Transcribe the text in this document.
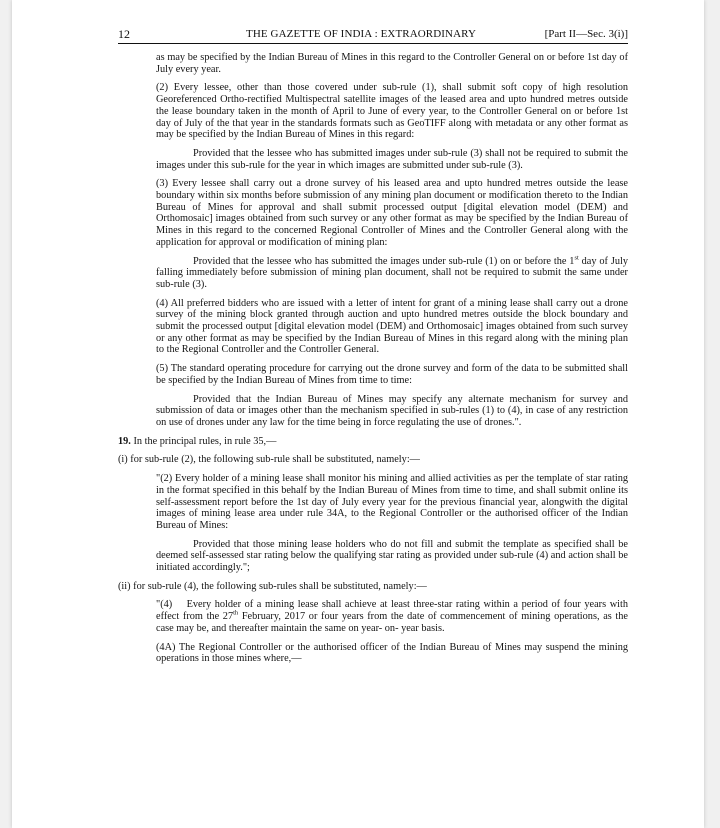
12	THE GAZETTE OF INDIA : EXTRAORDINARY	[Part II—Sec. 3(i)]

as may be specified by the Indian Bureau of Mines in this regard to the Controller General on or before 1st day of July every year.

(2) Every lessee, other than those covered under sub-rule (1), shall submit soft copy of high resolution Georeferenced Ortho-rectified Multispectral satellite images of the leased area and upto hundred metres outside the lease boundary taken in the month of April to June of every year, to the Controller General on or before 1st day of July of the that year in the standards formats such as GeoTIFF along with metadata or any other format as may be specified by the Indian Bureau of Mines in this regard:

Provided that the lessee who has submitted images under sub-rule (3) shall not be required to submit the images under this sub-rule for the year in which images are submitted under sub-rule (3).

(3) Every lessee shall carry out a drone survey of his leased area and upto hundred metres outside the lease boundary within six months before submission of any mining plan document or modification thereto to the Indian Bureau of Mines for approval and shall submit processed output [digital elevation model (DEM) and Orthomosaic] images obtained from such survey or any other format as may be specified by the Indian Bureau of Mines in this regard to the concerned Regional Controller of Mines and the Controller General along with the application for approval or modification of mining plan:

Provided that the lessee who has submitted the images under sub-rule (1) on or before the 1st day of July falling immediately before submission of mining plan document, shall not be required to submit the same under sub-rule (3).

(4) All preferred bidders who are issued with a letter of intent for grant of a mining lease shall carry out a drone survey of the mining block granted through auction and upto hundred metres outside the block boundary and submit the processed output [digital elevation model (DEM) and Orthomosaic] images obtained from such survey or any other format as may be specified by the Indian Bureau of Mines in this regard along with the mining plan to the Regional Controller and the Controller General.

(5) The standard operating procedure for carrying out the drone survey and form of the data to be submitted shall be specified by the Indian Bureau of Mines from time to time:

Provided that the Indian Bureau of Mines may specify any alternate mechanism for survey and submission of data or images other than the mechanism specified in sub-rules (1) to (4), in case of any restriction on use of drones under any law for the time being in force regulating the use of drones.".

19. In the principal rules, in rule 35,—

(i) for sub-rule (2), the following sub-rule shall be substituted, namely:—

"(2) Every holder of a mining lease shall monitor his mining and allied activities as per the template of star rating in the format specified in this behalf by the Indian Bureau of Mines from time to time, and shall submit online its self-assessment report before the 1st day of July every year for the previous financial year, alongwith the digital images of mining lease area under rule 34A, to the Regional Controller or the authorised officer of the Indian Bureau of Mines:

Provided that those mining lease holders who do not fill and submit the template as specified shall be deemed self-assessed star rating below the qualifying star rating as provided under sub-rule (4) and action shall be initiated accordingly.";

(ii) for sub-rule (4), the following sub-rules shall be substituted, namely:—

"(4)    Every holder of a mining lease shall achieve at least three-star rating within a period of four years with effect from the 27th February, 2017 or four years from the date of commencement of mining operations, as the case may be, and thereafter maintain the same on year- on- year basis.

(4A) The Regional Controller or the authorised officer of the Indian Bureau of Mines may suspend the mining operations in those mines where,—
